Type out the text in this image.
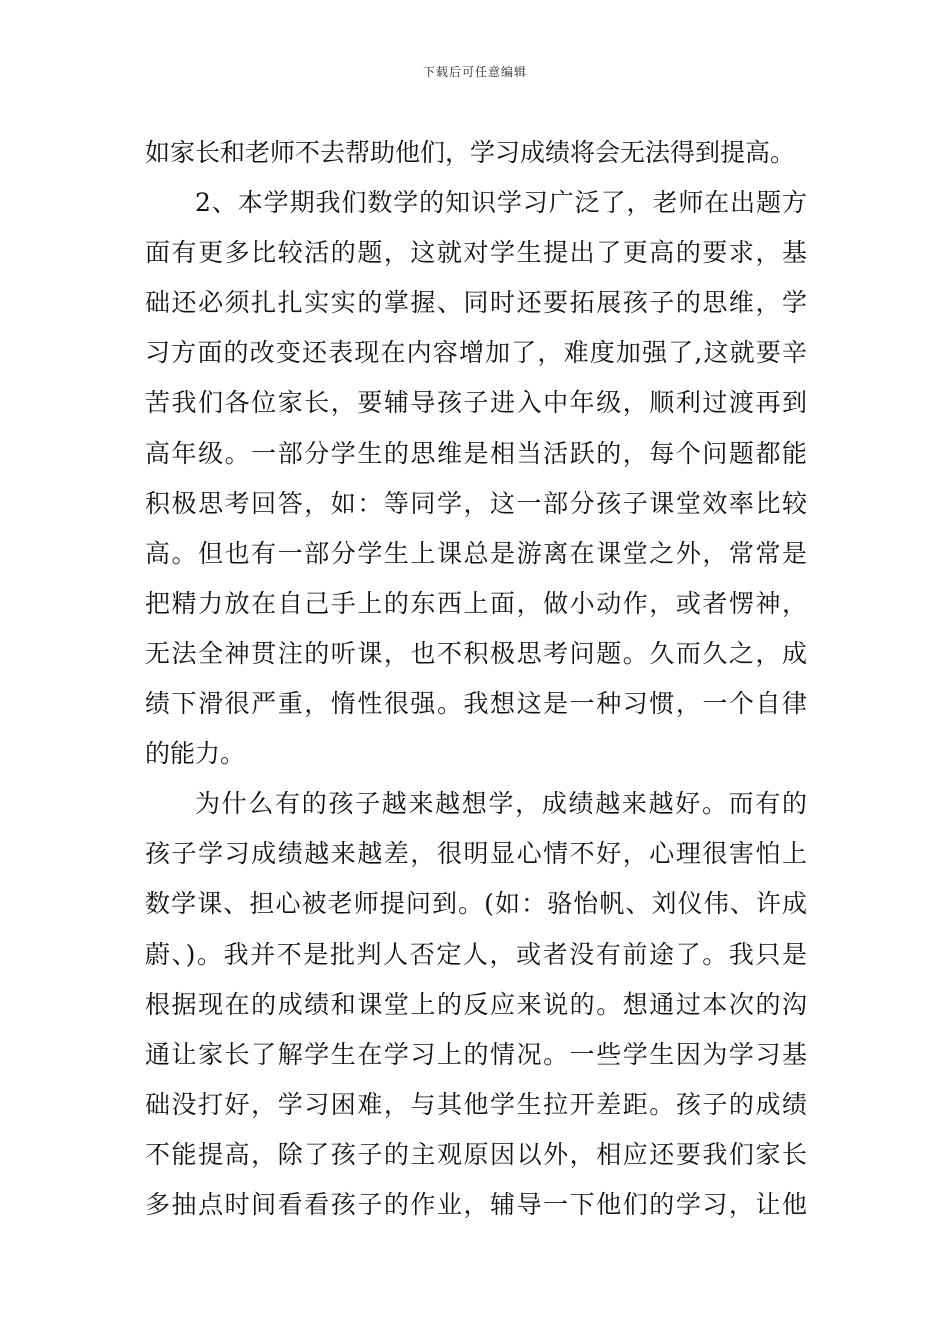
下载后可任意编辑
如家长和老师不去帮助他们，学习成绩将会无法得到提高。
2、本学期我们数学的知识学习广泛了，老师在出题方
面有更多比较活的题，这就对学生提出了更高的要求，基
础还必须扎扎实实的掌握、同时还要拓展孩子的思维，学
习方面的改变还表现在内容增加了，难度加强了,这就要辛
苦我们各位家长，要辅导孩子进入中年级，顺利过渡再到
高年级。一部分学生的思维是相当活跃的，每个问题都能
积极思考回答，如：等同学，这一部分孩子课堂效率比较
高。但也有一部分学生上课总是游离在课堂之外，常常是
把精力放在自己手上的东西上面，做小动作，或者愣神，
无法全神贯注的听课，也不积极思考问题。久而久之，成
绩下滑很严重，惰性很强。我想这是一种习惯，一个自律
的能力。
为什么有的孩子越来越想学，成绩越来越好。而有的
孩子学习成绩越来越差，很明显心情不好，心理很害怕上
数学课、担心被老师提问到。(如：骆怡帆、刘仪伟、许成
蔚、)。我并不是批判人否定人，或者没有前途了。我只是
根据现在的成绩和课堂上的反应来说的。想通过本次的沟
通让家长了解学生在学习上的情况。一些学生因为学习基
础没打好，学习困难，与其他学生拉开差距。孩子的成绩
不能提高，除了孩子的主观原因以外，相应还要我们家长
多抽点时间看看孩子的作业，辅导一下他们的学习，让他
